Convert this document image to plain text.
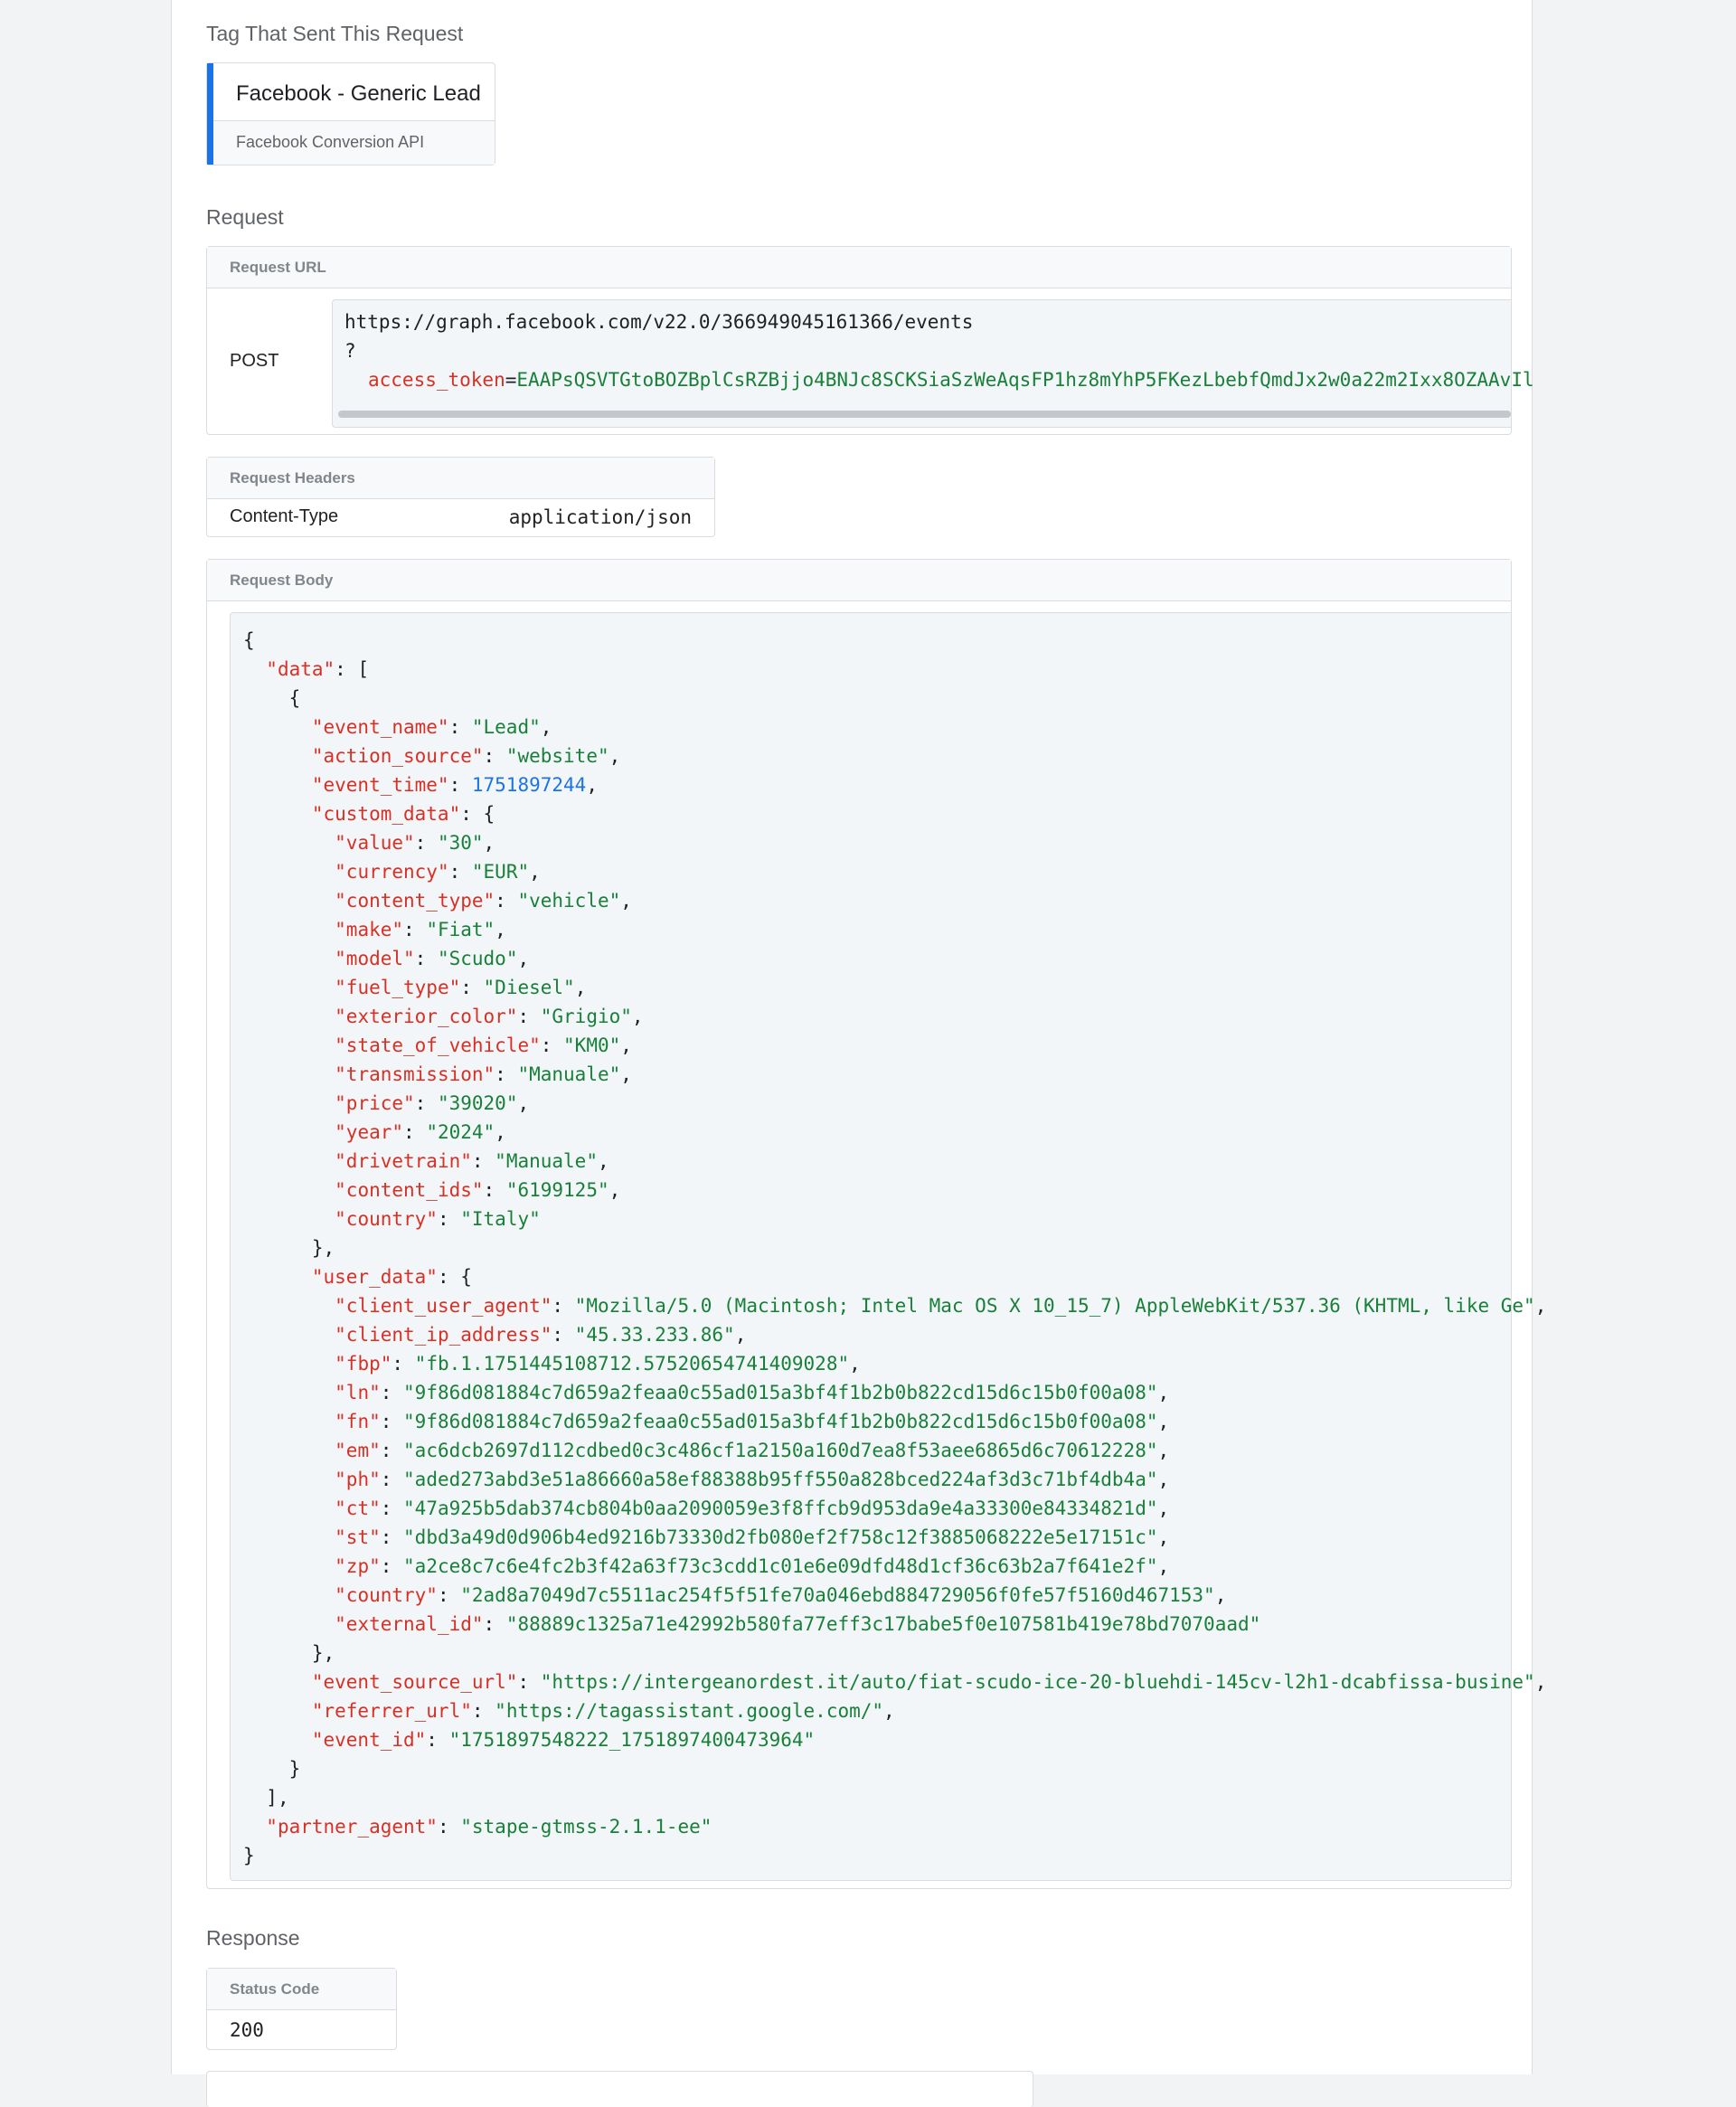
Tag That Sent This Request
Facebook - Generic Lead
Facebook Conversion API
Request
Request URL
POST
https://graph.facebook.com/v22.0/366949045161366/events
?
access_token=EAAPsQSVTGtoBOZBplCsRZBjjo4BNJc8SCKSiaSzWeAqsFP1hz8mYhP5FKezLbebfQmdJx2w0a22m2Ixx8OZAAvIl
Request Headers
Content-Type	application/json
Request Body
{
"data": [
{
"event_name": "Lead",
"action_source": "website",
"event_time": 1751897244,
"custom_data": {
"value": "30",
"currency": "EUR",
"content_type": "vehicle",
"make": "Fiat",
"model": "Scudo",
"fuel_type": "Diesel",
"exterior_color": "Grigio",
"state_of_vehicle": "KM0",
"transmission": "Manuale",
"price": "39020",
"year": "2024",
"drivetrain": "Manuale",
"content_ids": "6199125",
"country": "Italy"
},
"user_data": {
"client_user_agent": "Mozilla/5.0 (Macintosh; Intel Mac OS X 10_15_7) AppleWebKit/537.36 (KHTML, like Ge",
"client_ip_address": "45.33.233.86",
"fbp": "fb.1.1751445108712.57520654741409028",
"ln": "9f86d081884c7d659a2feaa0c55ad015a3bf4f1b2b0b822cd15d6c15b0f00a08",
"fn": "9f86d081884c7d659a2feaa0c55ad015a3bf4f1b2b0b822cd15d6c15b0f00a08",
"em": "ac6dcb2697d112cdbed0c3c486cf1a2150a160d7ea8f53aee6865d6c70612228",
"ph": "aded273abd3e51a86660a58ef88388b95ff550a828bced224af3d3c71bf4db4a",
"ct": "47a925b5dab374cb804b0aa2090059e3f8ffcb9d953da9e4a33300e84334821d",
"st": "dbd3a49d0d906b4ed9216b73330d2fb080ef2f758c12f3885068222e5e17151c",
"zp": "a2ce8c7c6e4fc2b3f42a63f73c3cdd1c01e6e09dfd48d1cf36c63b2a7f641e2f",
"country": "2ad8a7049d7c5511ac254f5f51fe70a046ebd884729056f0fe57f5160d467153",
"external_id": "88889c1325a71e42992b580fa77eff3c17babe5f0e107581b419e78bd7070aad"
},
"event_source_url": "https://intergeanordest.it/auto/fiat-scudo-ice-20-bluehdi-145cv-l2h1-dcabfissa-busine",
"referrer_url": "https://tagassistant.google.com/",
"event_id": "1751897548222_1751897400473964"
}
],
"partner_agent": "stape-gtmss-2.1.1-ee"
}
Response
Status Code
200
